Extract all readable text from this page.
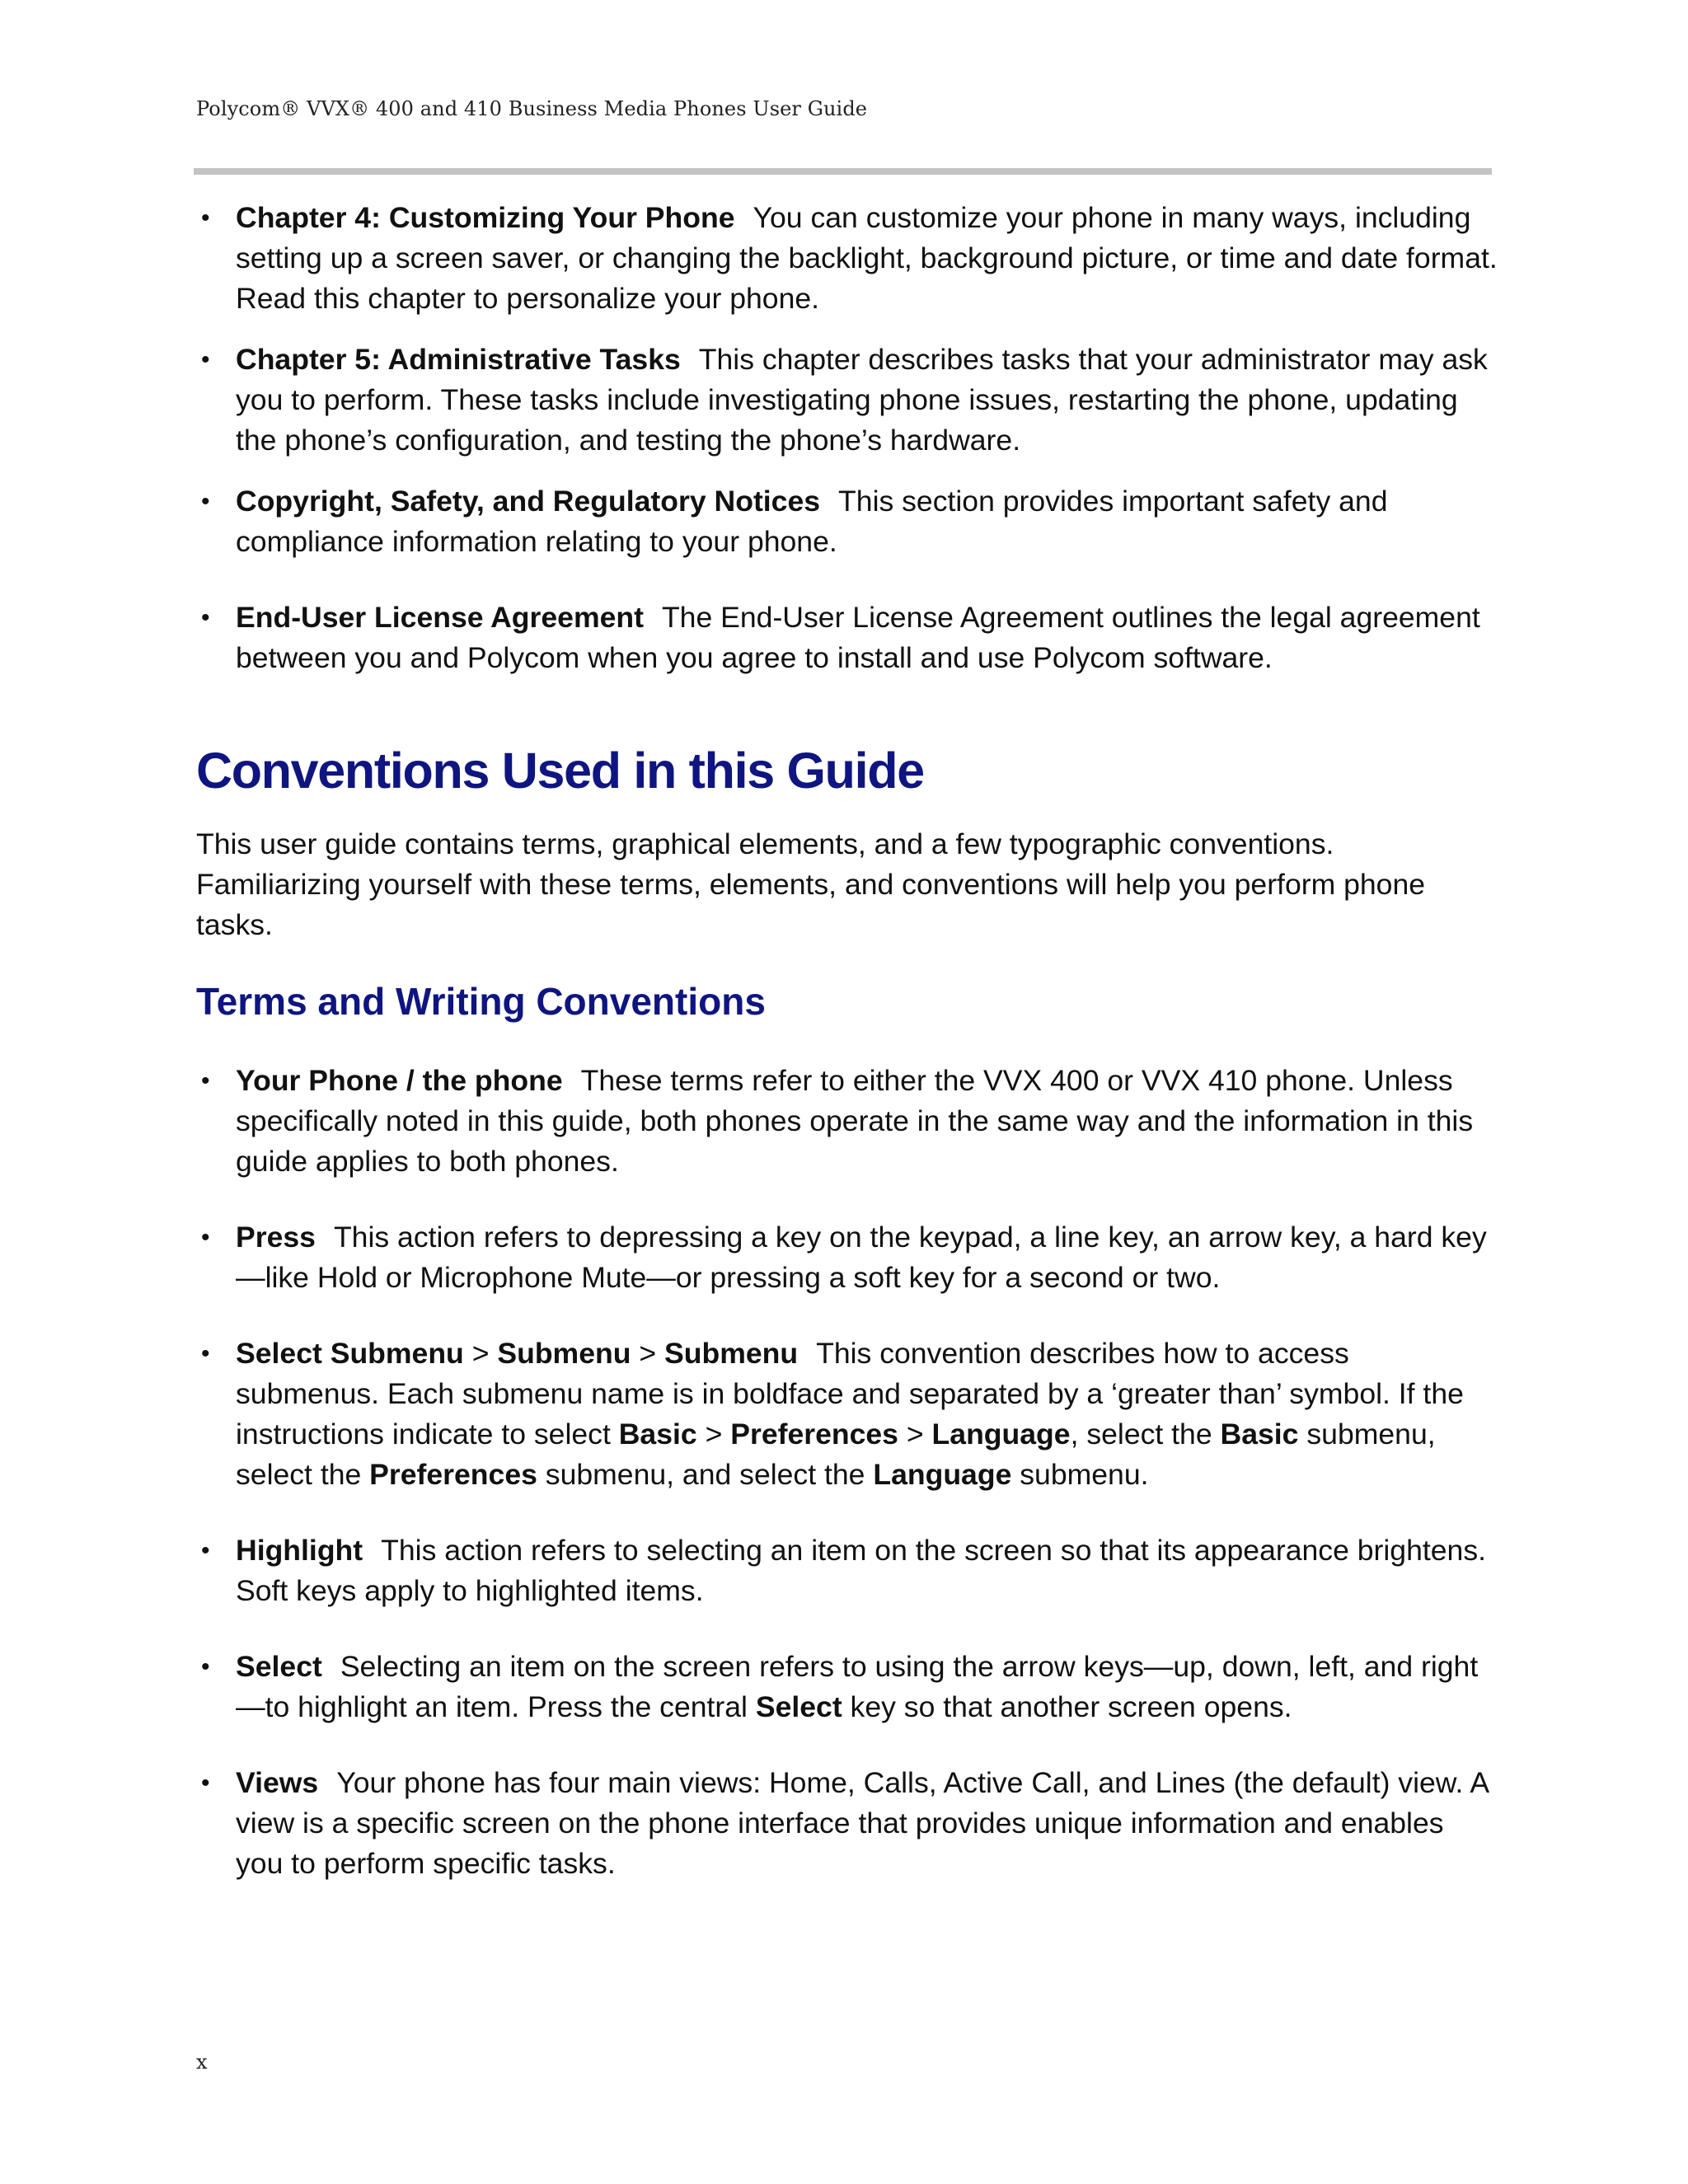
Polycom® VVX® 400 and 410 Business Media Phones User Guide
• Chapter 4: Customizing Your Phone You can customize your phone in many ways, including setting up a screen saver, or changing the backlight, background picture, or time and date format. Read this chapter to personalize your phone.
• Chapter 5: Administrative Tasks This chapter describes tasks that your administrator may ask you to perform. These tasks include investigating phone issues, restarting the phone, updating the phone’s configuration, and testing the phone’s hardware.
• Copyright, Safety, and Regulatory Notices This section provides important safety and compliance information relating to your phone.
• End-User License Agreement The End-User License Agreement outlines the legal agreement between you and Polycom when you agree to install and use Polycom software.
Conventions Used in this Guide

This user guide contains terms, graphical elements, and a few typographic conventions. Familiarizing yourself with these terms, elements, and conventions will help you perform phone tasks.

Terms and Writing Conventions
• Your Phone / the phone These terms refer to either the VVX 400 or VVX 410 phone. Unless specifically noted in this guide, both phones operate in the same way and the information in this guide applies to both phones.
• Press This action refers to depressing a key on the keypad, a line key, an arrow key, a hard key—like Hold or Microphone Mute—or pressing a soft key for a second or two.
• Select Submenu > Submenu > Submenu This convention describes how to access submenus. Each submenu name is in boldface and separated by a ‘greater than’ symbol. If the instructions indicate to select Basic > Preferences > Language, select the Basic submenu, select the Preferences submenu, and select the Language submenu.
• Highlight This action refers to selecting an item on the screen so that its appearance brightens. Soft keys apply to highlighted items.
• Select Selecting an item on the screen refers to using the arrow keys—up, down, left, and right—to highlight an item. Press the central Select key so that another screen opens.
• Views Your phone has four main views: Home, Calls, Active Call, and Lines (the default) view. A view is a specific screen on the phone interface that provides unique information and enables you to perform specific tasks.
x
